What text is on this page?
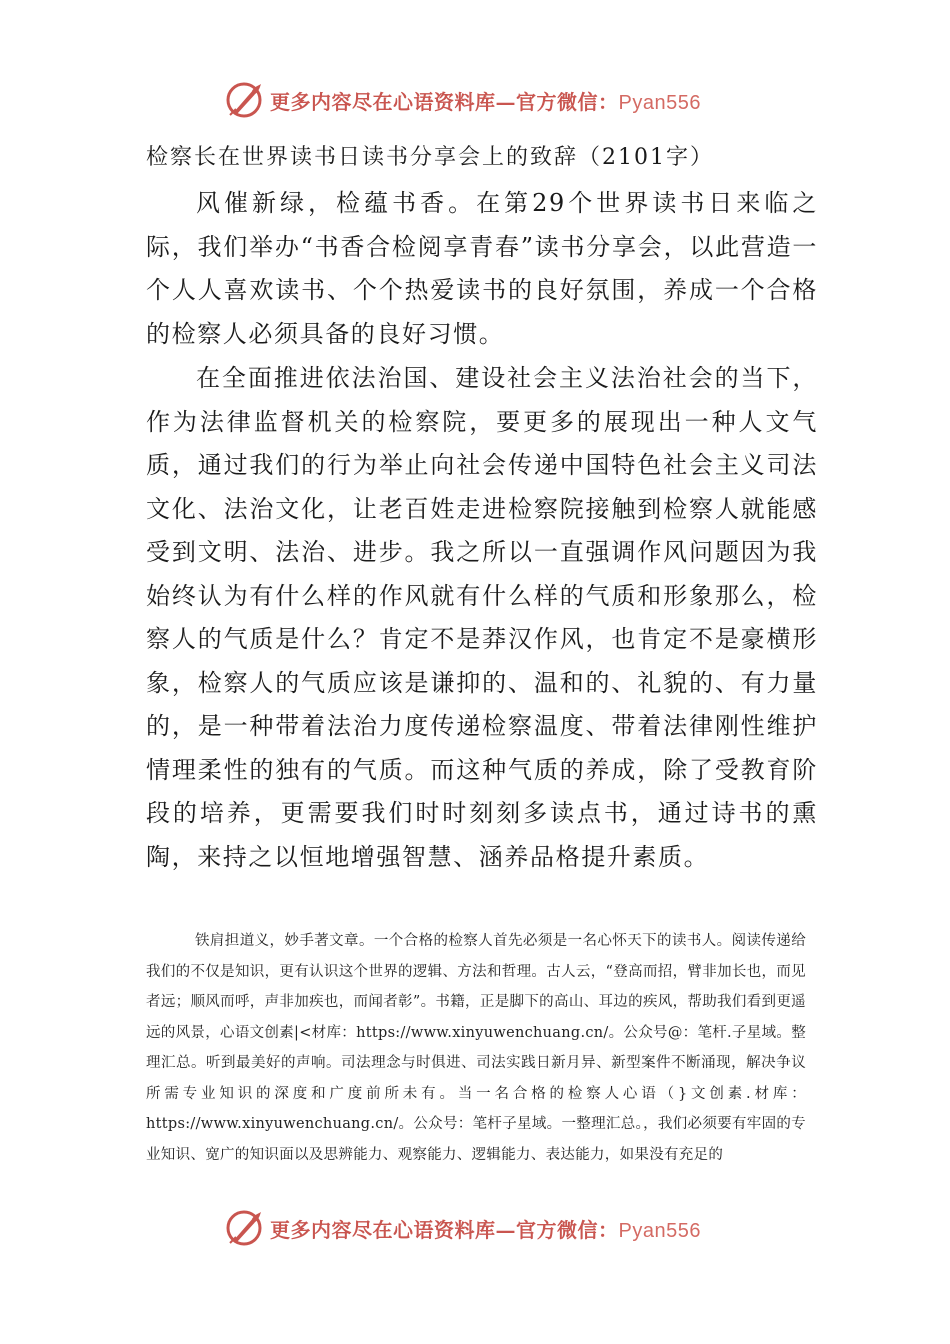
更多内容尽在心语资料库—官方微信：Pyan556
检察长在世界读书日读书分享会上的致辞（2101字）

风催新绿，检蕴书香。在第29个世界读书日来临之际，我们举办“书香合检阅享青春”读书分享会，以此营造一个人人喜欢读书、个个热爱读书的良好氛围，养成一个合格的检察人必须具备的良好习惯。

在全面推进依法治国、建设社会主义法治社会的当下，作为法律监督机关的检察院，要更多的展现出一种人文气质，通过我们的行为举止向社会传递中国特色社会主义司法文化、法治文化，让老百姓走进检察院接触到检察人就能感受到文明、法治、进步。我之所以一直强调作风问题因为我始终认为有什么样的作风就有什么样的气质和形象那么，检察人的气质是什么？肯定不是莽汉作风，也肯定不是豪横形象，检察人的气质应该是谦抑的、温和的、礼貌的、有力量的，是一种带着法治力度传递检察温度、带着法律刚性维护情理柔性的独有的气质。而这种气质的养成，除了受教育阶段的培养，更需要我们时时刻刻多读点书，通过诗书的熏陶，来持之以恒地增强智慧、涵养品格提升素质。

铁肩担道义，妙手著文章。一个合格的检察人首先必须是一名心怀天下的读书人。阅读传递给我们的不仅是知识，更有认识这个世界的逻辑、方法和哲理。古人云，“登高而招，臂非加长也，而见者远；顺风而呼，声非加疾也，而闻者彰”。书籍，正是脚下的高山、耳边的疾风，帮助我们看到更遥远的风景，心语文创素|<材库：https://www.xinyuwenchuang.cn/。公众号@：笔杆.子星域。整理汇总。听到最美好的声响。司法理念与时俱进、司法实践日新月异、新型案件不断涌现，解决争议所需专业知识的深度和广度前所未有。当一名合格的检察人心语（}文创素.材库：https://www.xinyuwenchuang.cn/。公众号：笔杆子星域。一整理汇总。，我们必须要有牢固的专业知识、宽广的知识面以及思辨能力、观察能力、逻辑能力、表达能力，如果没有充足的

更多内容尽在心语资料库—官方微信：Pyan556
